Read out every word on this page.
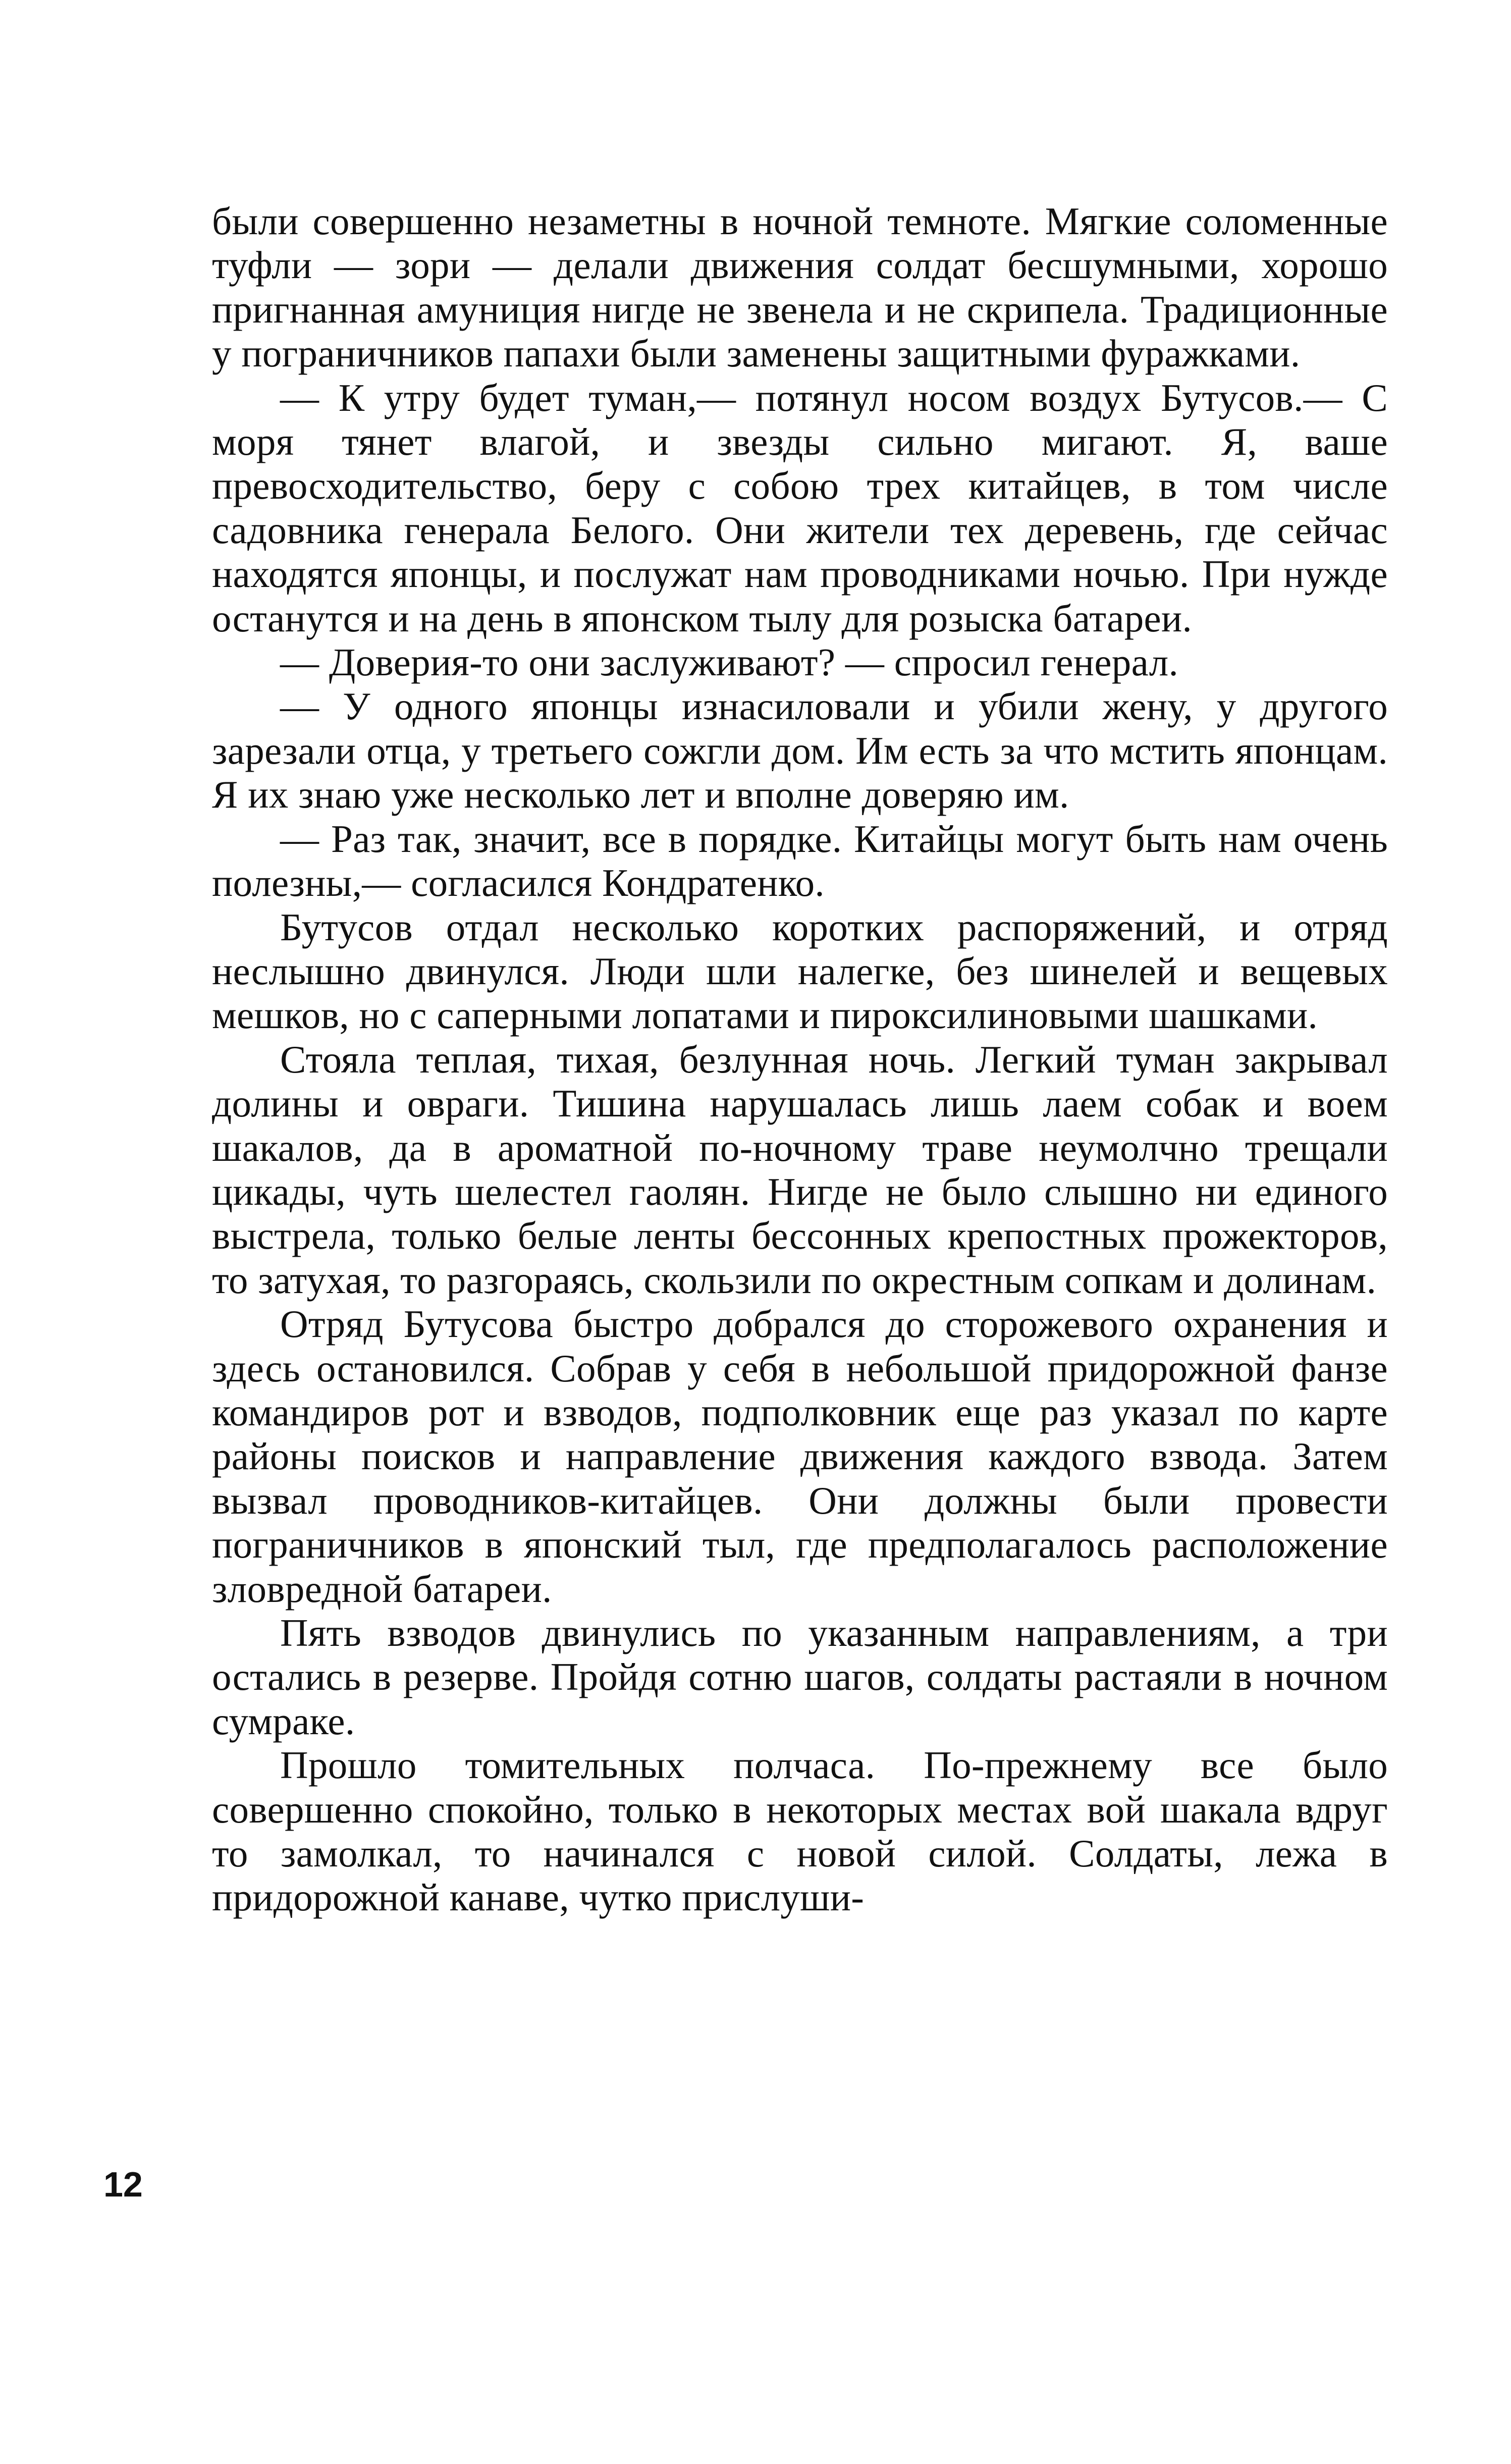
были совершенно незаметны в ночной темноте. Мягкие соломенные туфли — зори — делали движения солдат бесшумными, хорошо пригнанная амуниция нигде не звенела и не скрипела. Традиционные у пограничников папахи были заменены защитными фуражками.

— К утру будет туман,— потянул носом воздух Бутусов.— С моря тянет влагой, и звезды сильно мигают. Я, ваше превосходительство, беру с собою трех китайцев, в том числе садовника генерала Белого. Они жители тех деревень, где сейчас находятся японцы, и послужат нам проводниками ночью. При нужде останутся и на день в японском тылу для розыска батареи.

— Доверия-то они заслуживают? — спросил генерал.

— У одного японцы изнасиловали и убили жену, у другого зарезали отца, у третьего сожгли дом. Им есть за что мстить японцам. Я их знаю уже несколько лет и вполне доверяю им.

— Раз так, значит, все в порядке. Китайцы могут быть нам очень полезны,— согласился Кондратенко.

Бутусов отдал несколько коротких распоряжений, и отряд неслышно двинулся. Люди шли налегке, без шинелей и вещевых мешков, но с саперными лопатами и пироксилиновыми шашками.

Стояла теплая, тихая, безлунная ночь. Легкий туман закрывал долины и овраги. Тишина нарушалась лишь лаем собак и воем шакалов, да в ароматной по-ночному траве неумолчно трещали цикады, чуть шелестел гаолян. Нигде не было слышно ни единого выстрела, только белые ленты бессонных крепостных прожекторов, то затухая, то разгораясь, скользили по окрестным сопкам и долинам.

Отряд Бутусова быстро добрался до сторожевого охранения и здесь остановился. Собрав у себя в небольшой придорожной фанзе командиров рот и взводов, подполковник еще раз указал по карте районы поисков и направление движения каждого взвода. Затем вызвал проводников-китайцев. Они должны были провести пограничников в японский тыл, где предполагалось расположение зловредной батареи.

Пять взводов двинулись по указанным направлениям, а три остались в резерве. Пройдя сотню шагов, солдаты растаяли в ночном сумраке.

Прошло томительных полчаса. По-прежнему все было совершенно спокойно, только в некоторых местах вой шакала вдруг то замолкал, то начинался с новой силой. Солдаты, лежа в придорожной канаве, чутко прислуши-

12
